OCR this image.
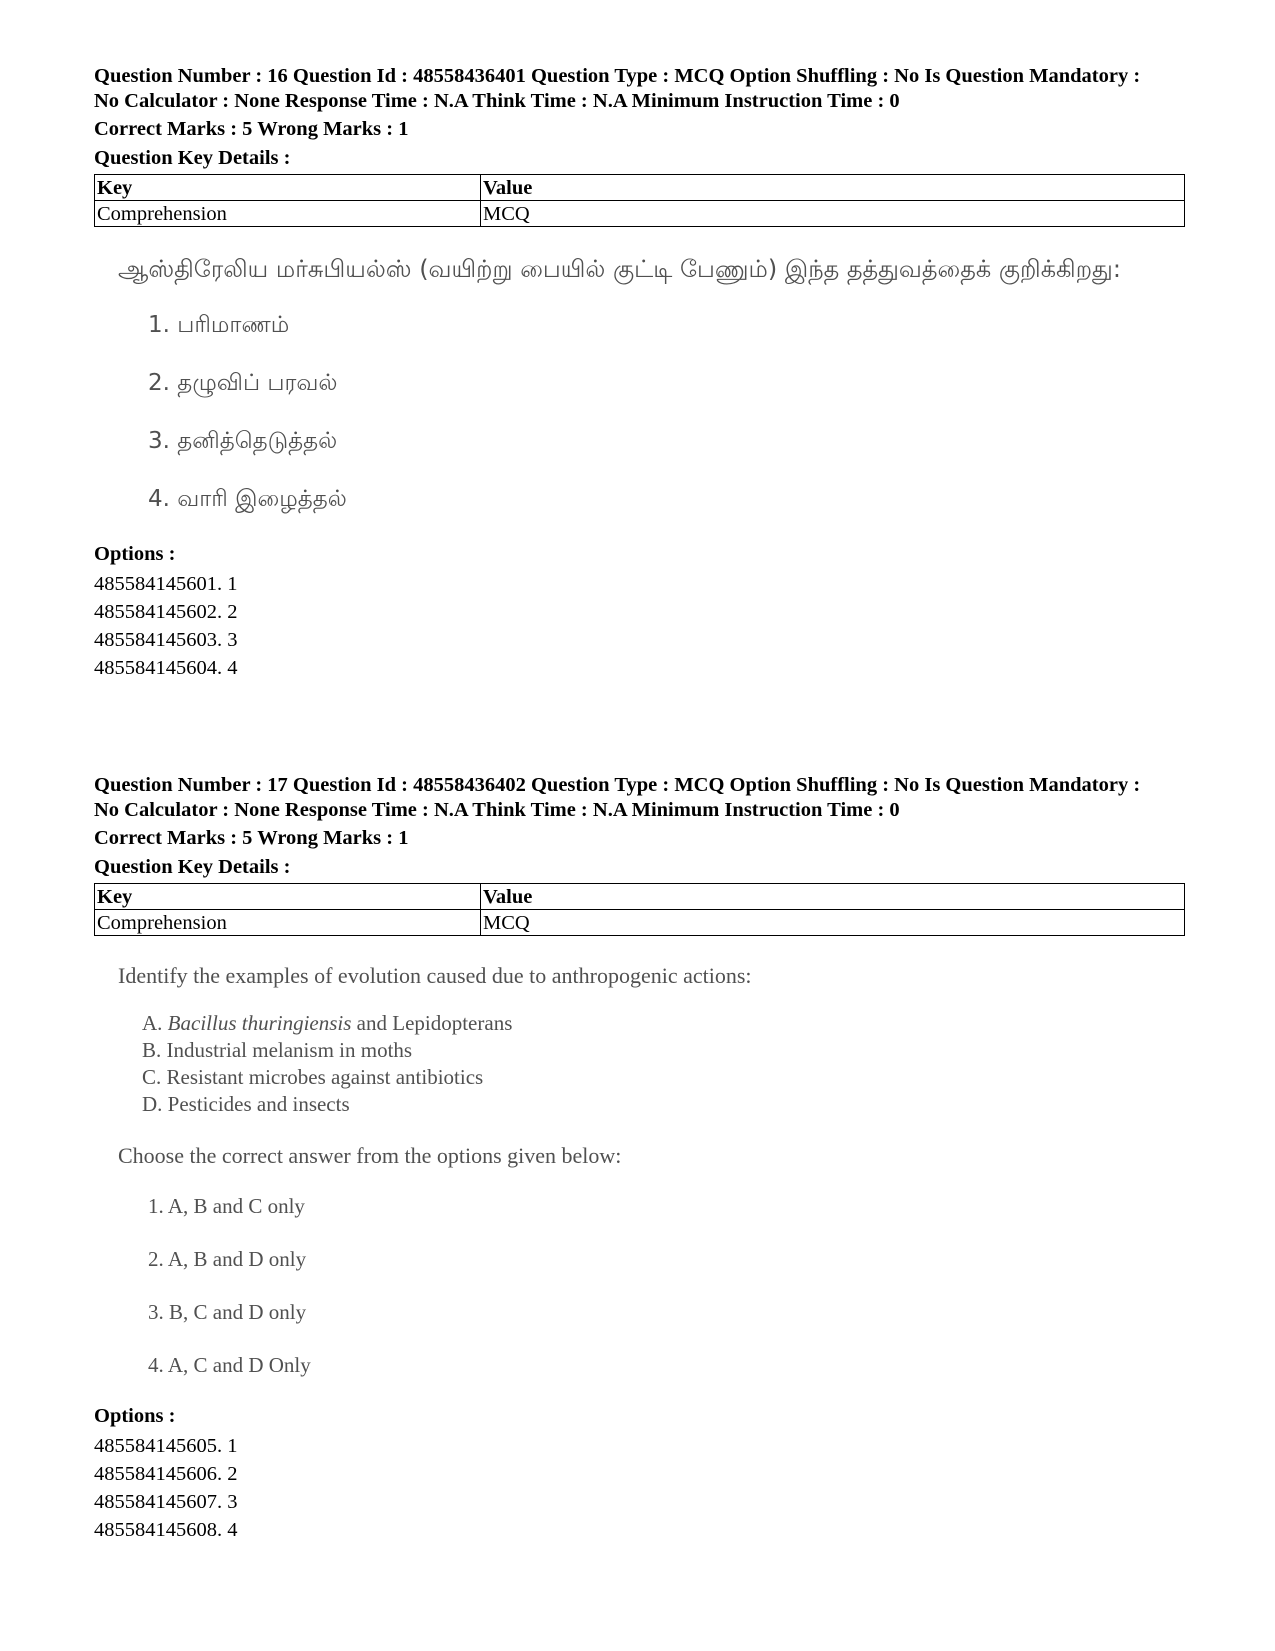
Question Number : 16 Question Id : 48558436401 Question Type : MCQ Option Shuffling : No Is Question Mandatory :
No Calculator : None Response Time : N.A Think Time : N.A Minimum Instruction Time : 0
Correct Marks : 5 Wrong Marks : 1
Question Key Details :
Key	Value
Comprehension	MCQ
ஆஸ்திரேலிய மர்சுபியல்ஸ் (வயிற்று பையில் குட்டி பேணும்) இந்த தத்துவத்தைக் குறிக்கிறது:
1. பரிமாணம்
2. தழுவிப் பரவல்
3. தனித்தெடுத்தல்
4. வாரி இழைத்தல்
Options :
485584145601. 1
485584145602. 2
485584145603. 3
485584145604. 4
Question Number : 17 Question Id : 48558436402 Question Type : MCQ Option Shuffling : No Is Question Mandatory :
No Calculator : None Response Time : N.A Think Time : N.A Minimum Instruction Time : 0
Correct Marks : 5 Wrong Marks : 1
Question Key Details :
Key	Value
Comprehension	MCQ
Identify the examples of evolution caused due to anthropogenic actions:
A. Bacillus thuringiensis and Lepidopterans
B. Industrial melanism in moths
C. Resistant microbes against antibiotics
D. Pesticides and insects
Choose the correct answer from the options given below:
1. A, B and C only
2. A, B and D only
3. B, C and D only
4. A, C and D Only
Options :
485584145605. 1
485584145606. 2
485584145607. 3
485584145608. 4
